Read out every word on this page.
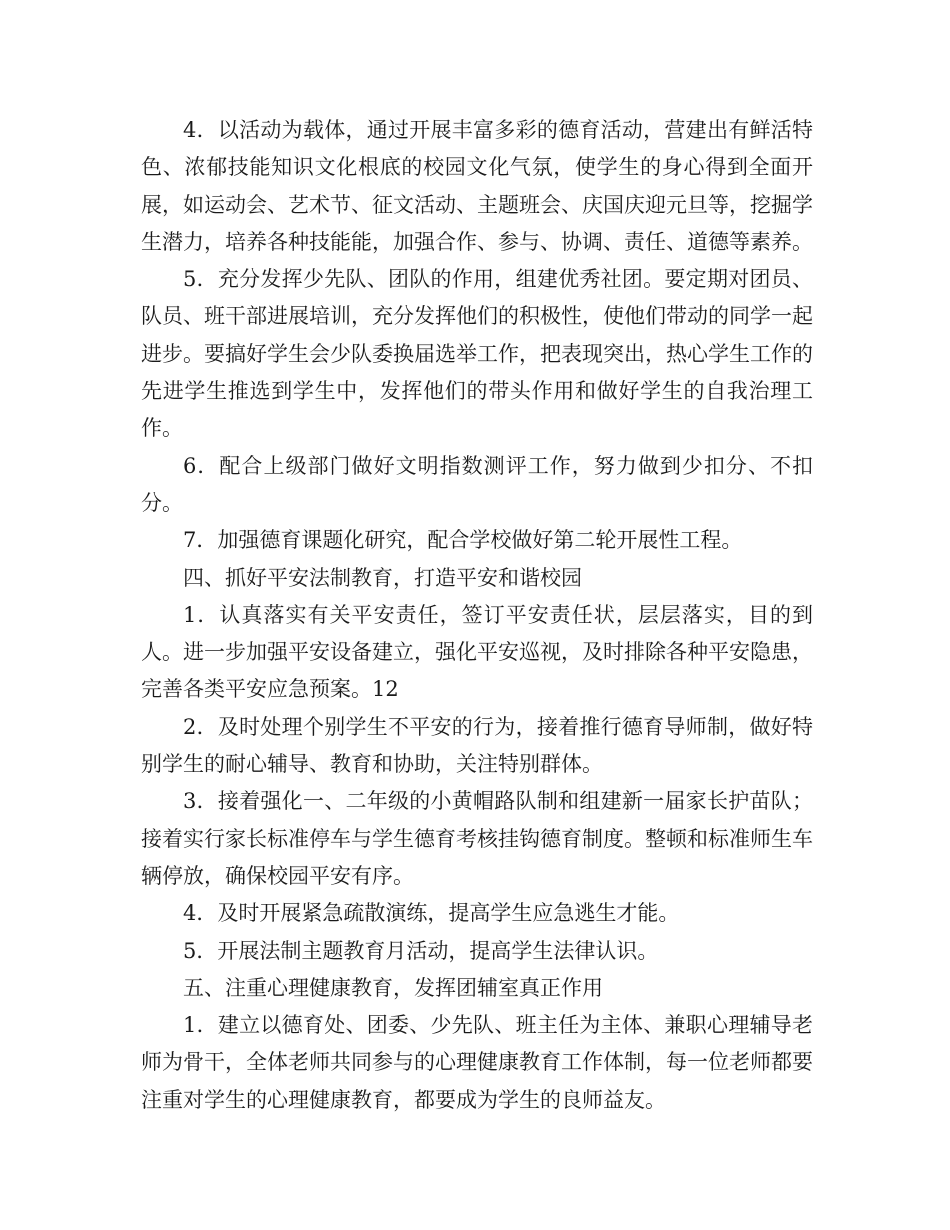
4．以活动为载体，通过开展丰富多彩的德育活动，营建出有鲜活特色、浓郁技能知识文化根底的校园文化气氛，使学生的身心得到全面开展，如运动会、艺术节、征文活动、主题班会、庆国庆迎元旦等，挖掘学生潜力，培养各种技能能，加强合作、参与、协调、责任、道德等素养。

5．充分发挥少先队、团队的作用，组建优秀社团。要定期对团员、队员、班干部进展培训，充分发挥他们的积极性，使他们带动的同学一起进步。要搞好学生会少队委换届选举工作，把表现突出，热心学生工作的先进学生推选到学生中，发挥他们的带头作用和做好学生的自我治理工作。

6．配合上级部门做好文明指数测评工作，努力做到少扣分、不扣分。

7．加强德育课题化研究，配合学校做好第二轮开展性工程。

四、抓好平安法制教育，打造平安和谐校园

1．认真落实有关平安责任，签订平安责任状，层层落实，目的到人。进一步加强平安设备建立，强化平安巡视，及时排除各种平安隐患，完善各类平安应急预案。12

2．及时处理个别学生不平安的行为，接着推行德育导师制，做好特别学生的耐心辅导、教育和协助，关注特别群体。

3．接着强化一、二年级的小黄帽路队制和组建新一届家长护苗队；接着实行家长标准停车与学生德育考核挂钩德育制度。整顿和标准师生车辆停放，确保校园平安有序。

4．及时开展紧急疏散演练，提高学生应急逃生才能。

5．开展法制主题教育月活动，提高学生法律认识。

五、注重心理健康教育，发挥团辅室真正作用

1．建立以德育处、团委、少先队、班主任为主体、兼职心理辅导老师为骨干，全体老师共同参与的心理健康教育工作体制，每一位老师都要注重对学生的心理健康教育，都要成为学生的良师益友。
